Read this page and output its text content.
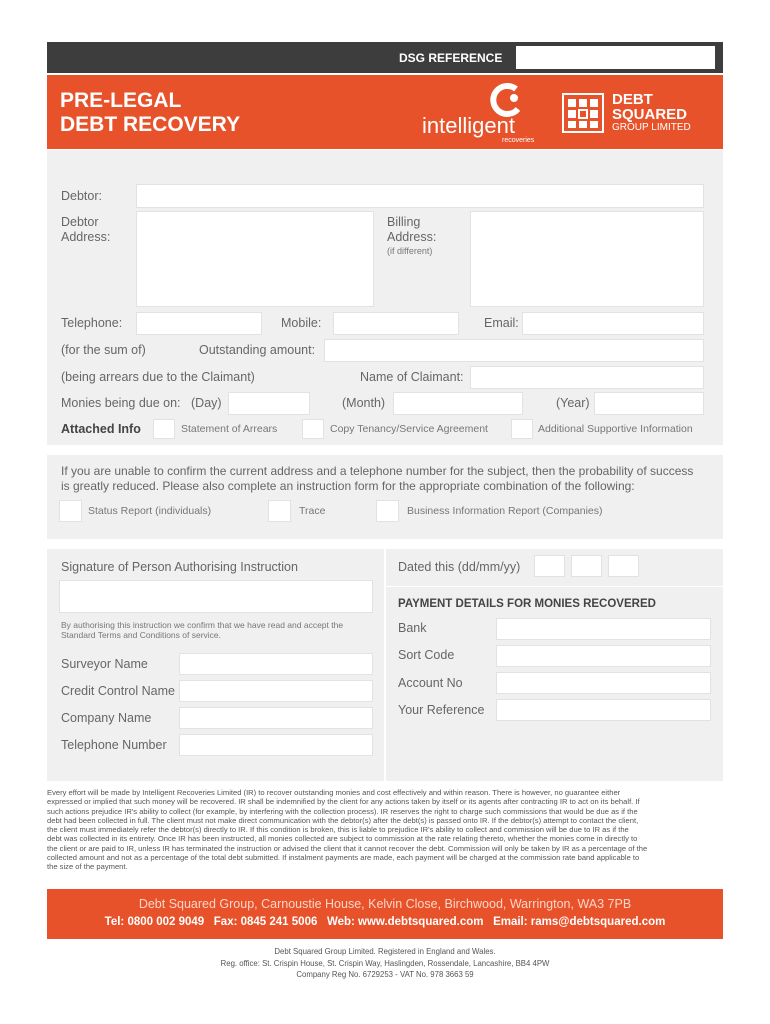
DSG REFERENCE
PRE-LEGAL
DEBT RECOVERY	intelligent
recoveries
DEBT
SQUARED
GROUP LIMITED
Debtor:
Debtor
Address:
Billing
Address:
(if different)
Telephone:	Mobile:	Email:
(for the sum of)	Outstanding amount:
(being arrears due to the Claimant)	Name of Claimant:
Monies being due on: (Day)	(Month)	(Year)
Attached Info	Statement of Arrears	Copy Tenancy/Service Agreement	Additional Supportive Information
If you are unable to confirm the current address and a telephone number for the subject, then the probability of success
is greatly reduced. Please also complete an instruction form for the appropriate combination of the following:
Status Report (individuals)	Trace	Business Information Report (Companies)
Signature of Person Authorising Instruction
By authorising this instruction we confirm that we have read and accept the
Standard Terms and Conditions of service.
Surveyor Name
Credit Control Name
Company Name
Telephone Number
Dated this (dd/mm/yy)
PAYMENT DETAILS FOR MONIES RECOVERED
Bank
Sort Code
Account No
Your Reference
Every effort will be made by Intelligent Recoveries Limited (IR) to recover outstanding monies and cost effectively and within reason. There is however, no guarantee either
expressed or implied that such money will be recovered. IR shall be indemnified by the client for any actions taken by itself or its agents after contracting IR to act on its behalf. If
such actions prejudice IR's ability to collect (for example, by interfering with the collection process). IR reserves the right to charge such commissions that would be due as if the
debt had been collected in full. The client must not make direct communication with the debtor(s) after the debt(s) is passed onto IR. If the debtor(s) attempt to contact the client,
the client must immediately refer the debtor(s) directly to IR. If this condition is broken, this is liable to prejudice IR's ability to collect and commission will be due to IR as if the
debt was collected in its entirety. Once IR has been instructed, all monies collected are subject to commission at the rate relating thereto, whether the monies come in directly to
the client or are paid to IR, unless IR has terminated the instruction or advised the client that it cannot recover the debt. Commission will only be taken by IR as a percentage of the
collected amount and not as a percentage of the total debt submitted. If instalment payments are made, each payment will be charged at the commission rate band applicable to
the size of the payment.
Debt Squared Group, Carnoustie House, Kelvin Close, Birchwood, Warrington, WA3 7PB
Tel: 0800 002 9049   Fax: 0845 241 5006   Web: www.debtsquared.com   Email: rams@debtsquared.com
Debt Squared Group Limited. Registered in England and Wales.
Reg. office: St. Crispin House, St. Crispin Way, Haslingden, Rossendale, Lancashire, BB4 4PW
Company Reg No. 6729253 - VAT No. 978 3663 59
